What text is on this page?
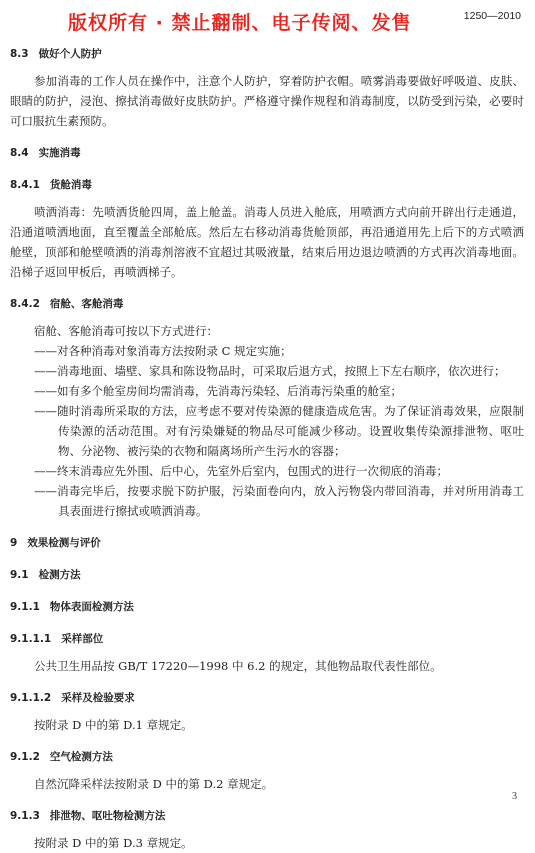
版权所有 · 禁止翻制、电子传阅、发售	1250—2010

8.3 做好个人防护

参加消毒的工作人员在操作中，注意个人防护，穿着防护衣帽。喷雾消毒要做好呼吸道、皮肤、眼睛的防护，浸泡、擦拭消毒做好皮肤防护。严格遵守操作规程和消毒制度，以防受到污染，必要时可口服抗生素预防。

8.4 实施消毒

8.4.1 货舱消毒

喷洒消毒：先喷洒货舱四周，盖上舱盖。消毒人员进入舱底，用喷洒方式向前开辟出行走通道，沿通道喷洒地面，直至覆盖全部舱底。然后左右移动消毒货舱顶部，再沿通道用先上后下的方式喷洒舱壁，顶部和舱壁喷洒的消毒剂溶液不宜超过其吸液量，结束后用边退边喷洒的方式再次消毒地面。沿梯子返回甲板后，再喷洒梯子。

8.4.2 宿舱、客舱消毒

宿舱、客舱消毒可按以下方式进行：

——对各种消毒对象消毒方法按附录 C 规定实施；

——消毒地面、墙壁、家具和陈设物品时，可采取后退方式，按照上下左右顺序，依次进行；

——如有多个舱室房间均需消毒，先消毒污染轻、后消毒污染重的舱室；

——随时消毒所采取的方法，应考虑不要对传染源的健康造成危害。为了保证消毒效果，应限制传染源的活动范围。对有污染嫌疑的物品尽可能减少移动。设置收集传染源排泄物、呕吐物、分泌物、被污染的衣物和隔离场所产生污水的容器；

——终末消毒应先外围、后中心，先室外后室内，包围式的进行一次彻底的消毒；

——消毒完毕后，按要求脱下防护服，污染面卷向内，放入污物袋内带回消毒，并对所用消毒工具表面进行擦拭或喷洒消毒。

9 效果检测与评价

9.1 检测方法

9.1.1 物体表面检测方法

9.1.1.1 采样部位

公共卫生用品按 GB/T 17220—1998 中 6.2 的规定，其他物品取代表性部位。

9.1.1.2 采样及检验要求

按附录 D 中的第 D.1 章规定。

9.1.2 空气检测方法

自然沉降采样法按附录 D 中的第 D.2 章规定。

9.1.3 排泄物、呕吐物检测方法

按附录 D 中的第 D.3 章规定。

3
